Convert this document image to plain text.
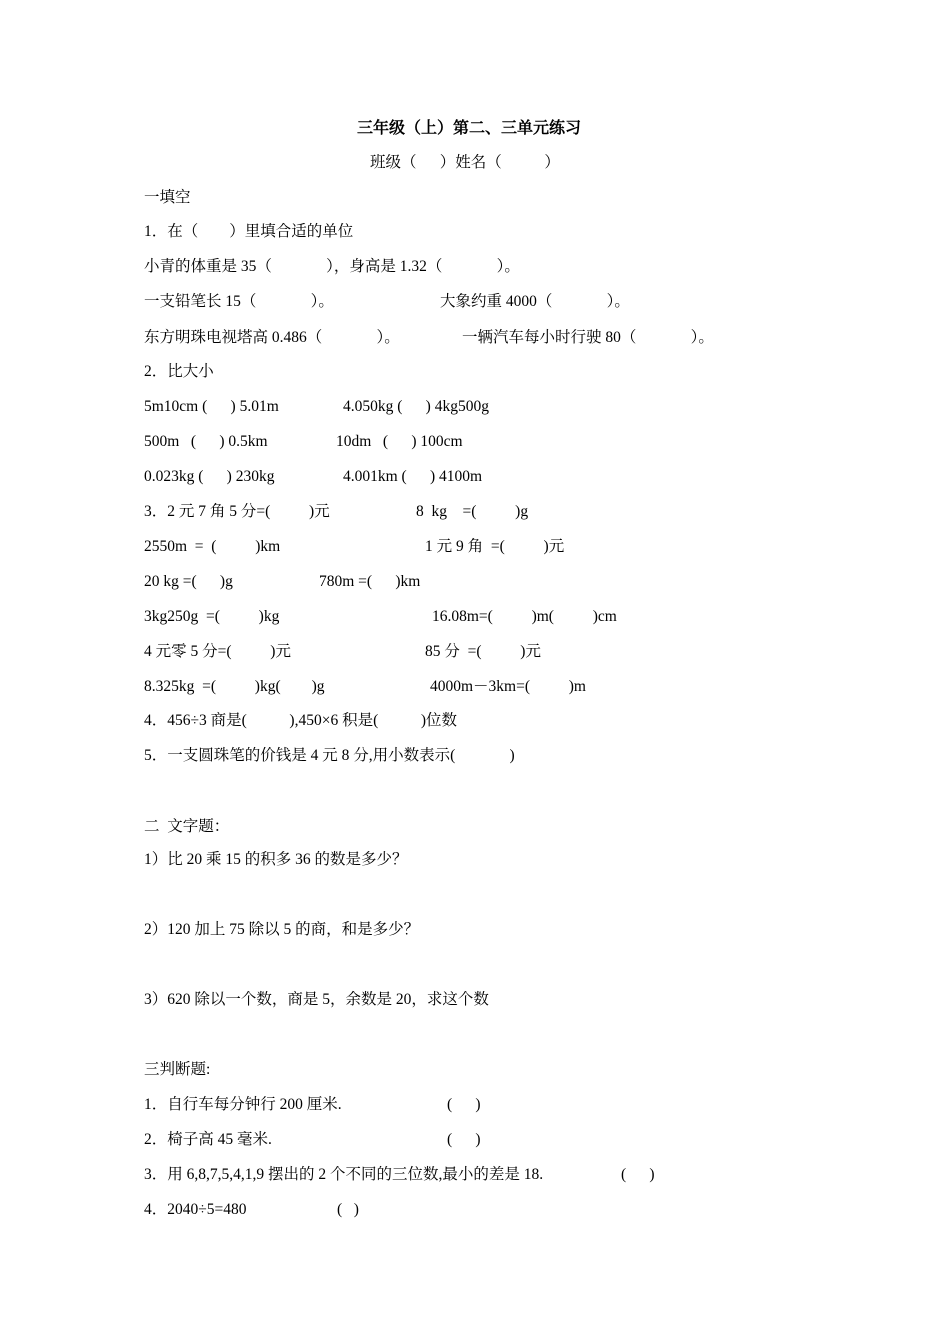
三年级（上）第二、三单元练习
班级（      ）姓名（           ）
一填空
1．在（        ）里填合适的单位
小青的体重是 35（              ），身高是 1.32（              ）。
一支铅笔长 15（              ）。	大象约重 4000（              ）。
东方明珠电视塔高 0.486（              ）。	一辆汽车每小时行驶 80（              ）。
2．比大小
5m10cm (      ) 5.01m	4.050kg (      ) 4kg500g
500m   (      ) 0.5km	10dm   (      ) 100cm
0.023kg (      ) 230kg	4.001km (      ) 4100m
3．2 元 7 角 5 分=(          )元	8  kg    =(          )g
2550m  =  (          )km	1 元 9 角  =(          )元
20 kg =(      )g	780m =(      )km
3kg250g  =(          )kg	16.08m=(          )m(          )cm
4 元零 5 分=(          )元	85 分  =(          )元
8.325kg  =(          )kg(        )g	4000m－3km=(          )m
4．456÷3 商是(           ),450×6 积是(           )位数
5．一支圆珠笔的价钱是 4 元 8 分,用小数表示(              )
二  文字题：
1）比 20 乘 15 的积多 36 的数是多少？
2）120 加上 75 除以 5 的商，和是多少？
3）620 除以一个数，商是 5，余数是 20，求这个数
三判断题:
1．自行车每分钟行 200 厘米.	(      )
2．椅子高 45 毫米.	(      )
3．用 6,8,7,5,4,1,9 摆出的 2 个不同的三位数,最小的差是 18.	(      )
4．2040÷5=480	(   )
